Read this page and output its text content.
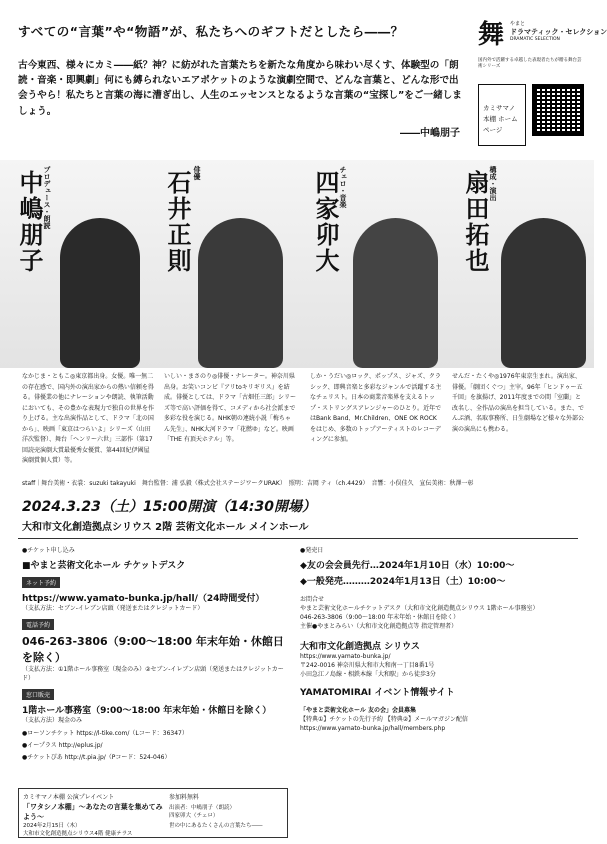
すべての“言葉”や“物語”が、私たちへのギフトだとしたら――？
古今東西、様々にカミ――紙？神？に紡がれた言葉たちを新たな角度から味わい尽くす、体験型の「朗読・音楽・即興劇」何にも縛られないエアポケットのような演劇空間で、どんな言葉と、どんな形で出会うやら！私たちと言葉の海に漕ぎ出し、人生のエッセンスとなるような言葉の“宝探し”をご一緒しましょう。
――中嶋朋子
舞	やまと
ドラマティック・セレクション
DRAMATIC SELECTION
国内外で活躍する卓越した表現者たちが贈る舞台芸術シリーズ
カミサマノ本棚 ホームページ
プロデュース・朗読
中嶋朋子	俳優
石井正則	チェロ・音楽
四家卯大	構成・演出
扇田拓也
なかじま・ともこ◎東京都出身。女優。唯一無二の存在感で、国内外の演出家からの熱い信頼を得る。俳優業の他にナレーションや朗読、執筆活動においても、その豊かな表現力で独自の世界を作り上げる。主な出演作品として、ドラマ「北の国から」、映画「東京はつらいよ」シリーズ（山田洋次監督）、舞台「ヘンリー六世」三部作（第17回読売演劇大賞最優秀女優賞、第44回紀伊國屋演劇賞個人賞）等。
いしい・まさのり◎俳優・ナレーター。神奈川県出身。お笑いコンビ『アリtoキリギリス』を結成。俳優としては、ドラマ「古畑任三郎」シリーズ等で高い評価を得て、コメディから社会派まで多彩な役を演じる。NHK朝の連続小説「梅ちゃん先生」、NHK大河ドラマ「花燃ゆ」など。映画「THE 有頂天ホテル」等。
しか・うだい◎ロック、ポップス、ジャズ、クラシック、即興音楽と多彩なジャンルで活躍する主なチェリスト。日本の商業音楽界を支えるトップ・ストリングスアレンジャーのひとり。近年ではBank Band、Mr.Children、ONE OK ROCKをはじめ、多数のトップアーティストのレコーディングに参加。
せんだ・たくや◎1976年東京生まれ。演出家、俳優。「劇団くぐつ」主宰。96年「ヒンドゥー五千回」を旗揚げ、2011年度までの間「室蘭」と改名し、全作品の演出を担当している。また、でんぷ酒、名取事務所、日生劇場など様々な外部公演の演出にも携わる。
staff｜舞台美術・衣裳：suzuki takayuki　舞台監督：浦 弘毅（株式会社ステージワークURAK）　照明：吉岡 ティ（ch.4429）　音響：小俣佳久　宣伝美術：秋澤一彰
2024.3.23（土）15:00開演（14:30開場）
大和市文化創造拠点シリウス 2階 芸術文化ホール メインホール
●チケット申し込み
■やまと芸術文化ホール チケットデスク
ネット予約
https://www.yamato-bunka.jp/hall/（24時間受付）
（支払方法：セブン-イレブン店頭（発送またはクレジットカード）
電話予約
046-263-3806（9:00～18:00 年末年始・休館日を除く）
（支払方法：①1階ホール事務室（現金のみ）②セブン-イレブン店頭（発送またはクレジットカード）
窓口販売
1階ホール事務室（9:00～18:00 年末年始・休館日を除く）
（支払方法）現金のみ
●ローソンチケット https://l-tike.com/（Lコード：36347）
●イープラス http://eplus.jp/
●チケットぴあ http://t.pia.jp/（Pコード：524-046）
●発売日
◆友の会会員先行…2024年1月10日（水）10:00～
◆一般発売………2024年1月13日（土）10:00～
お問合せ
やまと芸術文化ホールチケットデスク（大和市文化創造拠点シリウス 1階ホール事務室）
046-263-3806（9:00～18:00 年末年始・休館日を除く）
主催●やまとみらい（大和市文化創造拠点等 指定管理者）
大和市文化創造拠点 シリウス
https://www.yamato-bunka.jp/
〒242-0016 神奈川県大和市大和南一丁目8番1号
小田急江ノ島線・相鉄本線「大和駅」から徒歩3分
YAMATOMIRAI イベント情報サイト
「やまと芸術文化ホール 友の会」会員募集
【特典①】チケットの先行予約 【特典②】メールマガジン配信
https://www.yamato-bunka.jp/hall/members.php
カミサマノ本棚 公演プレイベント
「ワタシノ本棚」～あなたの言葉を集めてみよう～
参加料無料
2024年2月15日（木）
大和市文化創造拠点シリウス4階 健康テラス
出演者：中嶋朋子（朗読）
四家卯大（チェロ）
世の中にあるたくさんの言葉たち――
